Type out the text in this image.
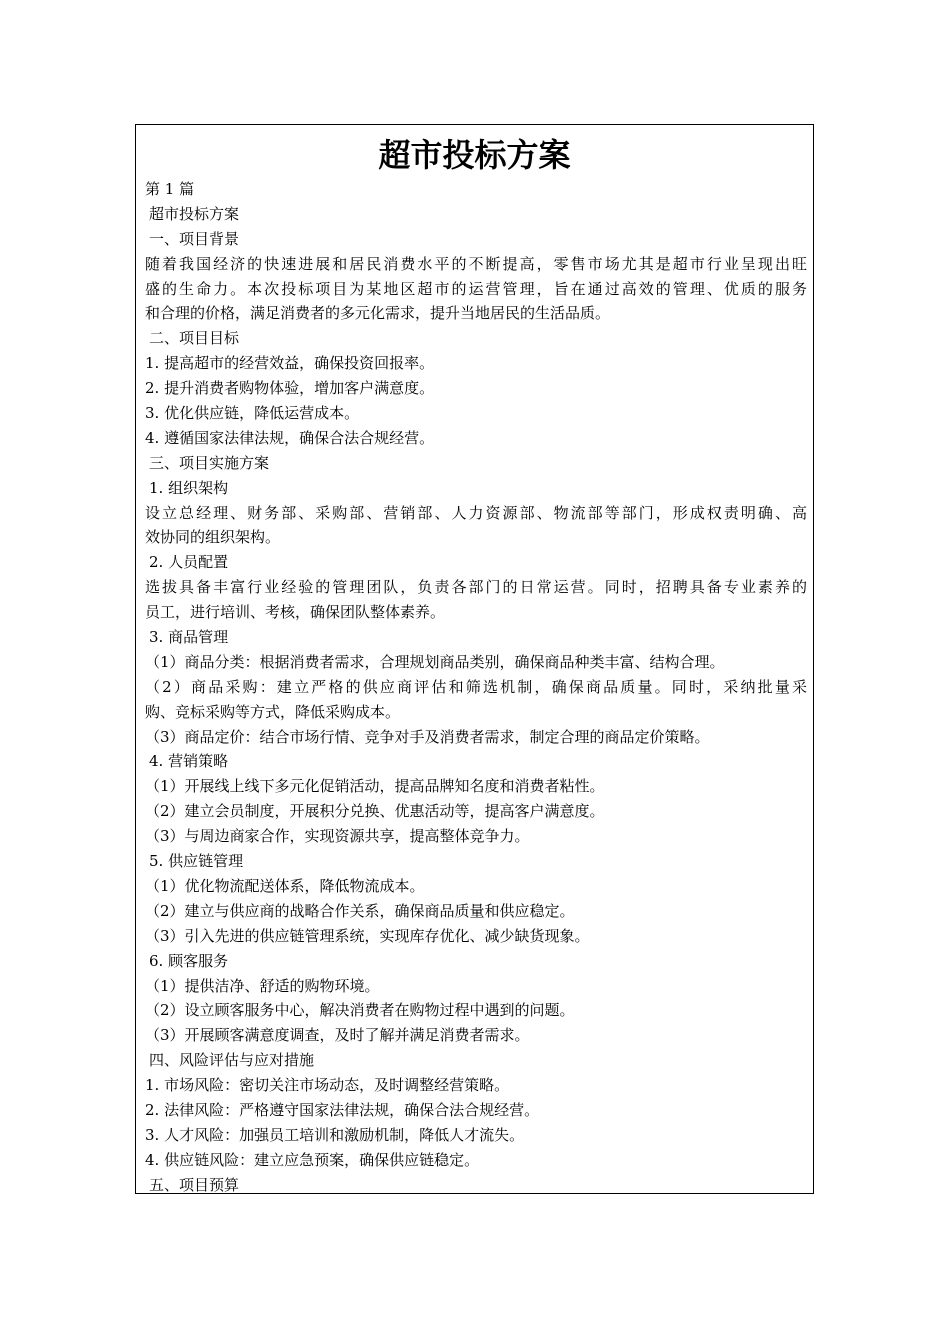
超市投标方案
第 1 篇
超市投标方案
一、项目背景
随着我国经济的快速进展和居民消费水平的不断提高，零售市场尤其是超市行业呈现出旺
盛的生命力。本次投标项目为某地区超市的运营管理，旨在通过高效的管理、优质的服务
和合理的价格，满足消费者的多元化需求，提升当地居民的生活品质。
二、项目目标
1. 提高超市的经营效益，确保投资回报率。
2. 提升消费者购物体验，增加客户满意度。
3. 优化供应链，降低运营成本。
4. 遵循国家法律法规，确保合法合规经营。
三、项目实施方案
1. 组织架构
设立总经理、财务部、采购部、营销部、人力资源部、物流部等部门，形成权责明确、高
效协同的组织架构。
2. 人员配置
选拔具备丰富行业经验的管理团队，负责各部门的日常运营。同时，招聘具备专业素养的
员工，进行培训、考核，确保团队整体素养。
3. 商品管理
（1）商品分类：根据消费者需求，合理规划商品类别，确保商品种类丰富、结构合理。
（2）商品采购：建立严格的供应商评估和筛选机制，确保商品质量。同时，采纳批量采
购、竞标采购等方式，降低采购成本。
（3）商品定价：结合市场行情、竞争对手及消费者需求，制定合理的商品定价策略。
4. 营销策略
（1）开展线上线下多元化促销活动，提高品牌知名度和消费者粘性。
（2）建立会员制度，开展积分兑换、优惠活动等，提高客户满意度。
（3）与周边商家合作，实现资源共享，提高整体竞争力。
5. 供应链管理
（1）优化物流配送体系，降低物流成本。
（2）建立与供应商的战略合作关系，确保商品质量和供应稳定。
（3）引入先进的供应链管理系统，实现库存优化、减少缺货现象。
6. 顾客服务
（1）提供洁净、舒适的购物环境。
（2）设立顾客服务中心，解决消费者在购物过程中遇到的问题。
（3）开展顾客满意度调查，及时了解并满足消费者需求。
四、风险评估与应对措施
1. 市场风险：密切关注市场动态，及时调整经营策略。
2. 法律风险：严格遵守国家法律法规，确保合法合规经营。
3. 人才风险：加强员工培训和激励机制，降低人才流失。
4. 供应链风险：建立应急预案，确保供应链稳定。
五、项目预算
